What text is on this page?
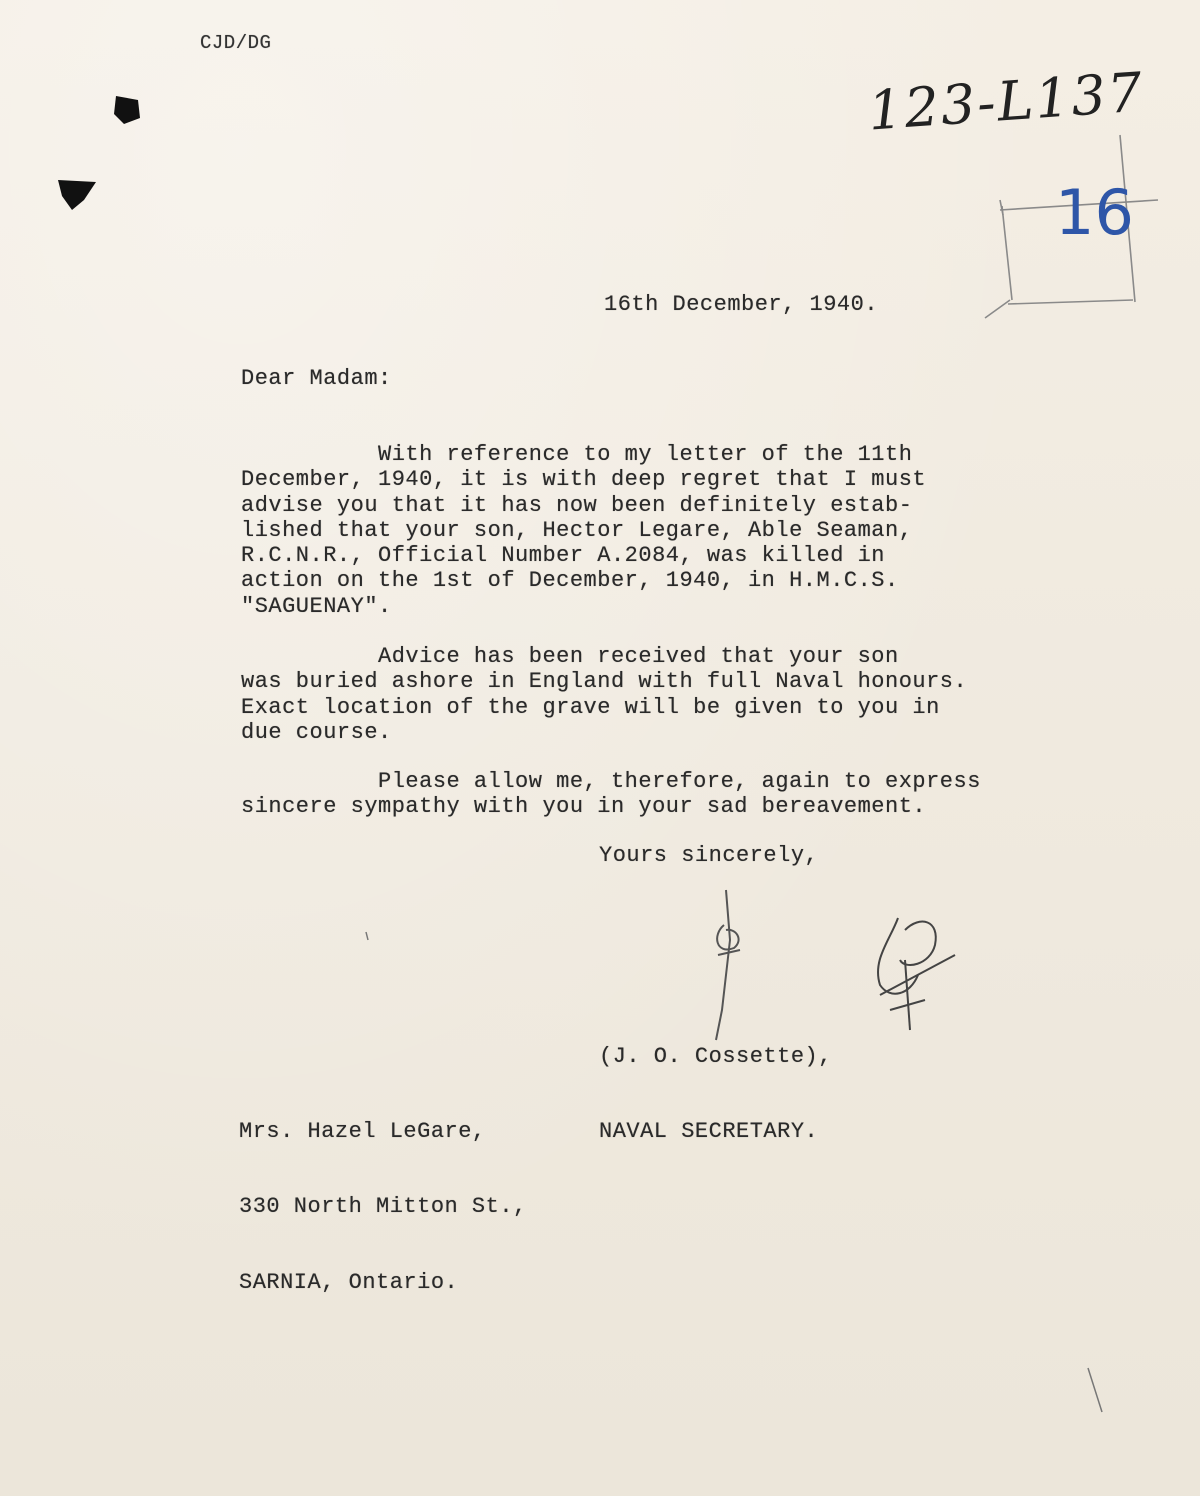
CJD/DG
123-L137
16
16th December, 1940.
Dear Madam:
With reference to my letter of the 11th
December, 1940, it is with deep regret that I must
advise you that it has now been definitely estab-
lished that your son, Hector Legare, Able Seaman,
R.C.N.R., Official Number A.2084, was killed in
action on the 1st of December, 1940, in H.M.C.S.
"SAGUENAY".
Advice has been received that your son
was buried ashore in England with full Naval honours.
Exact location of the grave will be given to you in
due course.
Please allow me, therefore, again to express
sincere sympathy with you in your sad bereavement.
Yours sincerely,

(J. O. Cossette),

NAVAL SECRETARY.

Mrs. Hazel LeGare,

330 North Mitton St.,

SARNIA, Ontario.
